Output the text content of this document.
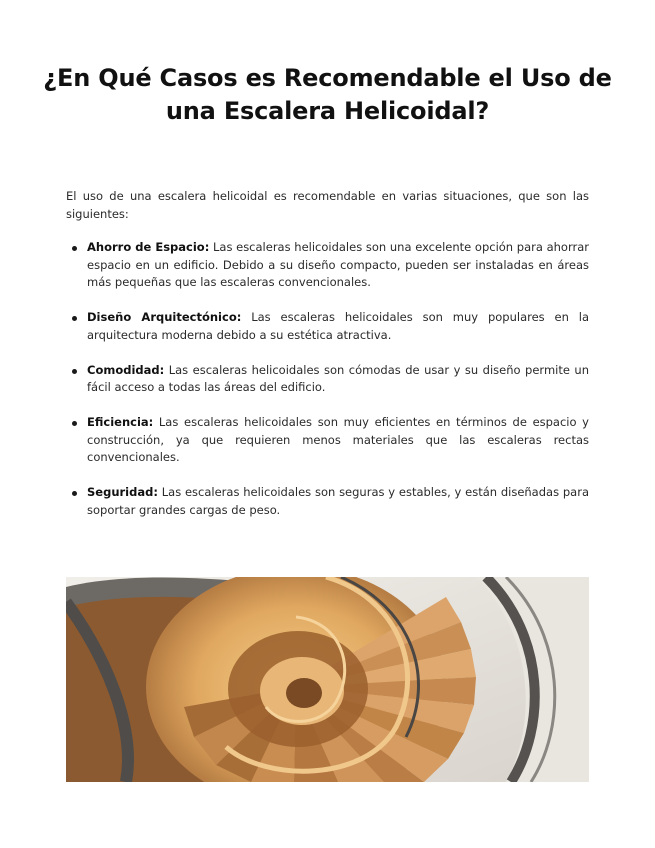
¿En Qué Casos es Recomendable el Uso de una Escalera Helicoidal?

El uso de una escalera helicoidal es recomendable en varias situaciones, que son las siguientes:

Ahorro de Espacio: Las escaleras helicoidales son una excelente opción para ahorrar espacio en un edificio. Debido a su diseño compacto, pueden ser instaladas en áreas más pequeñas que las escaleras convencionales.
Diseño Arquitectónico: Las escaleras helicoidales son muy populares en la arquitectura moderna debido a su estética atractiva.
Comodidad: Las escaleras helicoidales son cómodas de usar y su diseño permite un fácil acceso a todas las áreas del edificio.
Eficiencia: Las escaleras helicoidales son muy eficientes en términos de espacio y construcción, ya que requieren menos materiales que las escaleras rectas convencionales.
Seguridad: Las escaleras helicoidales son seguras y estables, y están diseñadas para soportar grandes cargas de peso.
